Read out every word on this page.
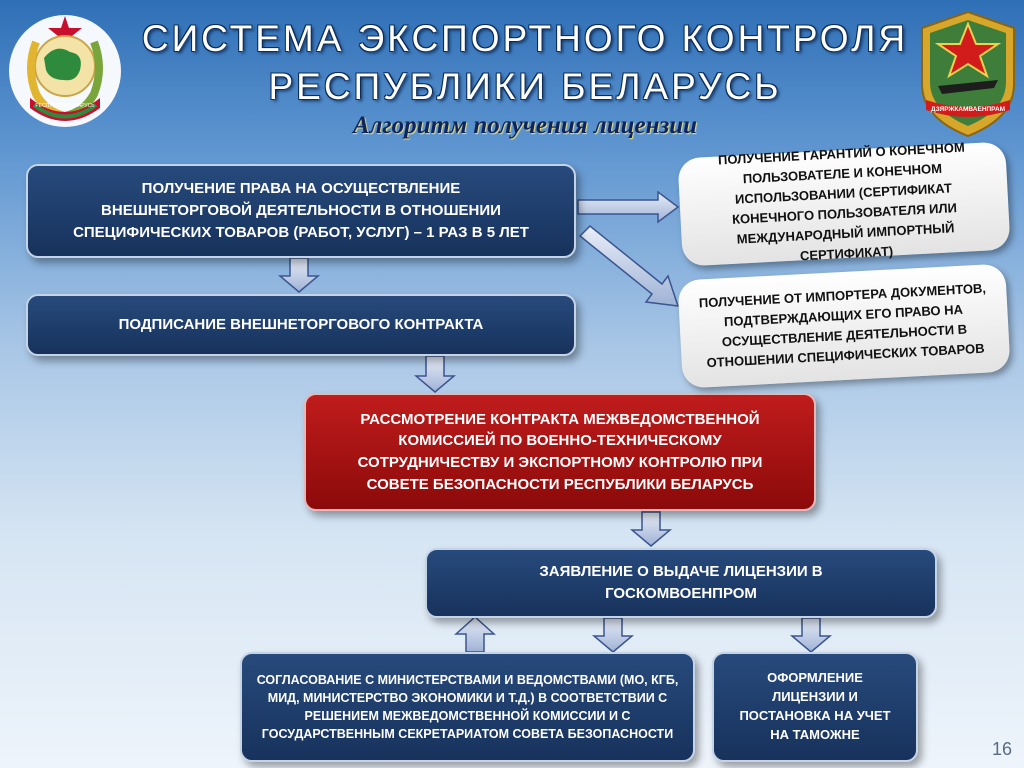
РЕСПУБЛІКА БЕЛАРУСЬ	ДЗЯРЖКАМВАЕНПРАМ
СИСТЕМА ЭКСПОРТНОГО КОНТРОЛЯ
РЕСПУБЛИКИ БЕЛАРУСЬ
Алгоритм получения лицензии
ПОЛУЧЕНИЕ ПРАВА НА ОСУЩЕСТВЛЕНИЕ ВНЕШНЕТОРГОВОЙ ДЕЯТЕЛЬНОСТИ В ОТНОШЕНИИ СПЕЦИФИЧЕСКИХ ТОВАРОВ (РАБОТ, УСЛУГ) – 1 РАЗ В 5 ЛЕТ
ПОДПИСАНИЕ ВНЕШНЕТОРГОВОГО КОНТРАКТА
РАССМОТРЕНИЕ КОНТРАКТА МЕЖВЕДОМСТВЕННОЙ КОМИССИЕЙ ПО ВОЕННО-ТЕХНИЧЕСКОМУ СОТРУДНИЧЕСТВУ И ЭКСПОРТНОМУ КОНТРОЛЮ ПРИ СОВЕТЕ БЕЗОПАСНОСТИ РЕСПУБЛИКИ БЕЛАРУСЬ
ЗАЯВЛЕНИЕ О ВЫДАЧЕ ЛИЦЕНЗИИ В ГОСКОМВОЕНПРОМ
СОГЛАСОВАНИЕ С МИНИСТЕРСТВАМИ И ВЕДОМСТВАМИ (МО, КГБ, МИД, МИНИСТЕРСТВО ЭКОНОМИКИ И Т.Д.) В СООТВЕТСТВИИ С РЕШЕНИЕМ МЕЖВЕДОМСТВЕННОЙ КОМИССИИ И С ГОСУДАРСТВЕННЫМ СЕКРЕТАРИАТОМ СОВЕТА БЕЗОПАСНОСТИ
ОФОРМЛЕНИЕ ЛИЦЕНЗИИ И ПОСТАНОВКА НА УЧЕТ НА ТАМОЖНЕ
ПОЛУЧЕНИЕ ГАРАНТИЙ О КОНЕЧНОМ ПОЛЬЗОВАТЕЛЕ И КОНЕЧНОМ ИСПОЛЬЗОВАНИИ (СЕРТИФИКАТ КОНЕЧНОГО ПОЛЬЗОВАТЕЛЯ ИЛИ МЕЖДУНАРОДНЫЙ ИМПОРТНЫЙ СЕРТИФИКАТ)
ПОЛУЧЕНИЕ ОТ ИМПОРТЕРА ДОКУМЕНТОВ, ПОДТВЕРЖДАЮЩИХ ЕГО ПРАВО НА ОСУЩЕСТВЛЕНИЕ ДЕЯТЕЛЬНОСТИ В ОТНОШЕНИИ СПЕЦИФИЧЕСКИХ ТОВАРОВ
16
